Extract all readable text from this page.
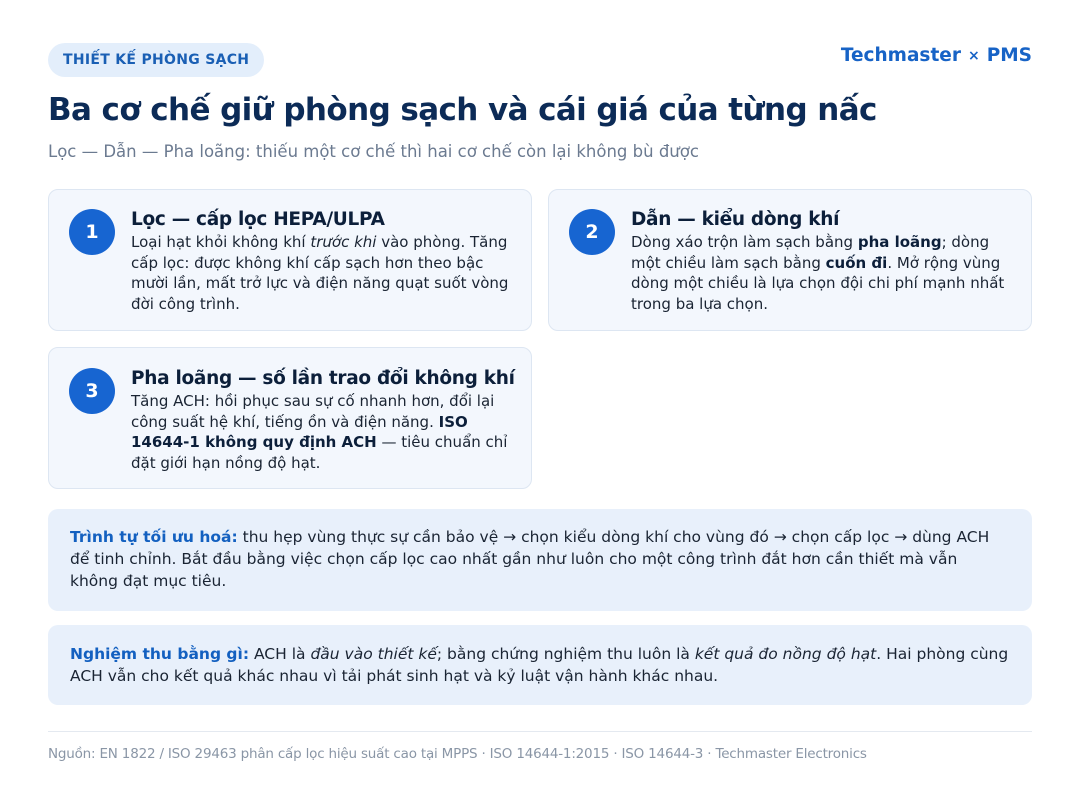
THIẾT KẾ PHÒNG SẠCH	Techmaster × PMS
Ba cơ chế giữ phòng sạch và cái giá của từng nấc
Lọc — Dẫn — Pha loãng: thiếu một cơ chế thì hai cơ chế còn lại không bù được
1
Lọc — cấp lọc HEPA/ULPA
Loại hạt khỏi không khí trước khi vào phòng. Tăng cấp lọc: được không khí cấp sạch hơn theo bậc mười lần, mất trở lực và điện năng quạt suốt vòng đời công trình.
2
Dẫn — kiểu dòng khí
Dòng xáo trộn làm sạch bằng pha loãng; dòng một chiều làm sạch bằng cuốn đi. Mở rộng vùng dòng một chiều là lựa chọn đội chi phí mạnh nhất trong ba lựa chọn.
3
Pha loãng — số lần trao đổi không khí
Tăng ACH: hồi phục sau sự cố nhanh hơn, đổi lại công suất hệ khí, tiếng ồn và điện năng. ISO 14644-1 không quy định ACH — tiêu chuẩn chỉ đặt giới hạn nồng độ hạt.
Trình tự tối ưu hoá: thu hẹp vùng thực sự cần bảo vệ → chọn kiểu dòng khí cho vùng đó → chọn cấp lọc → dùng ACH để tinh chỉnh. Bắt đầu bằng việc chọn cấp lọc cao nhất gần như luôn cho một công trình đắt hơn cần thiết mà vẫn không đạt mục tiêu.
Nghiệm thu bằng gì: ACH là đầu vào thiết kế; bằng chứng nghiệm thu luôn là kết quả đo nồng độ hạt. Hai phòng cùng ACH vẫn cho kết quả khác nhau vì tải phát sinh hạt và kỷ luật vận hành khác nhau.
Nguồn: EN 1822 / ISO 29463 phân cấp lọc hiệu suất cao tại MPPS · ISO 14644-1:2015 · ISO 14644-3 · Techmaster Electronics
